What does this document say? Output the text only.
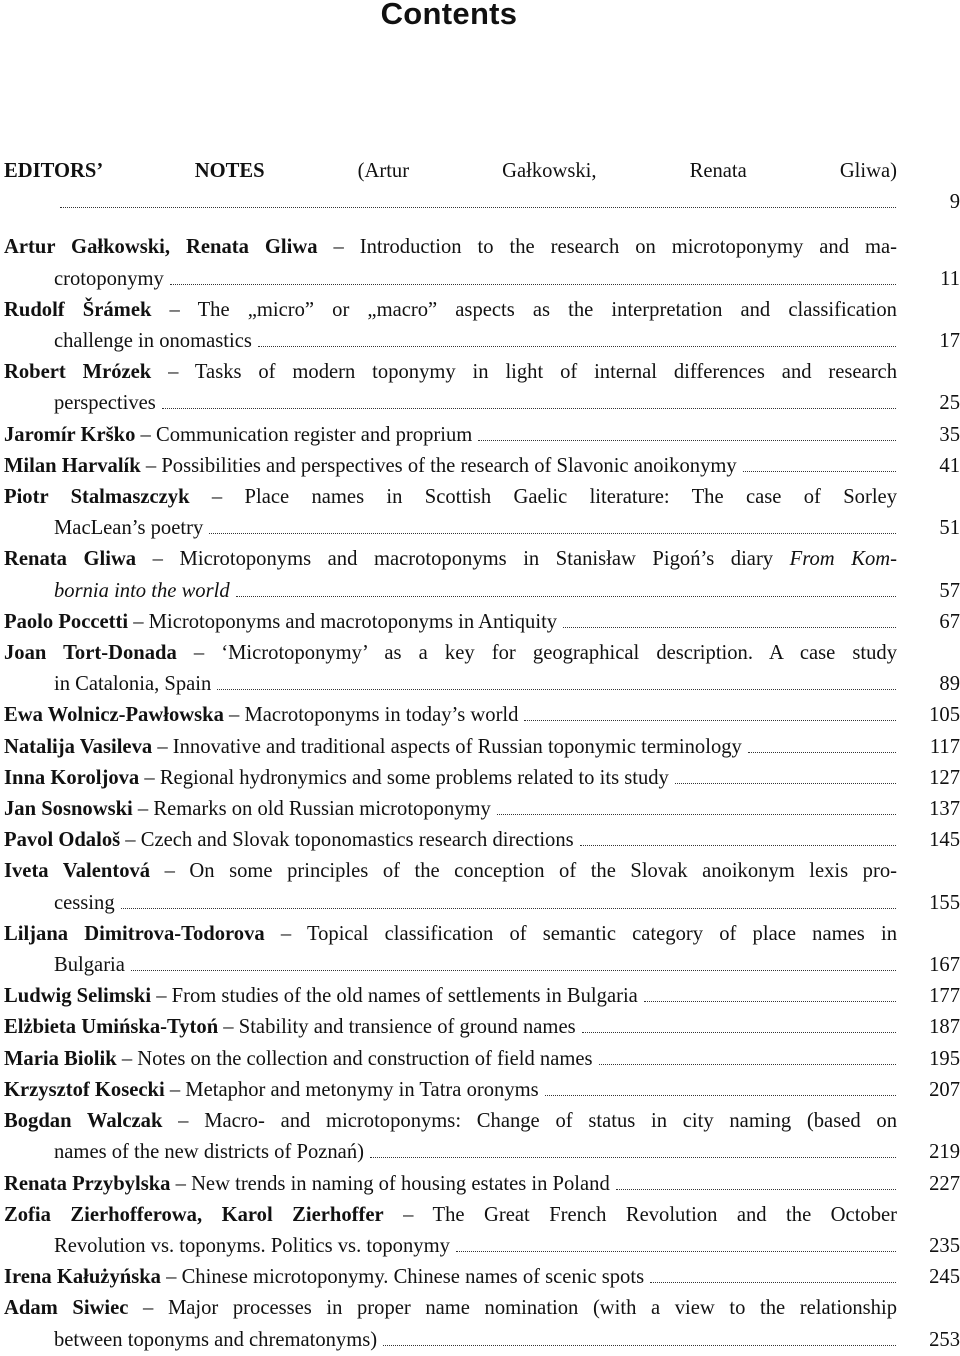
Contents
EDITORS’ NOTES	(Artur Gałkowski, Renata Gliwa)
9
Artur Gałkowski, Renata Gliwa – Introduction to the research on microtoponymy and ma-
crotoponymy	11
Rudolf Šrámek – The „micro” or „macro” aspects as the interpretation and classification
challenge in onomastics	17
Robert Mrózek – Tasks of modern toponymy in light of internal differences and research
perspectives	25
Jaromír Krško – Communication register and proprium	35
Milan Harvalík – Possibilities and perspectives of the research of Slavonic anoikonymy	41
Piotr Stalmaszczyk – Place names in Scottish Gaelic literature: The case of Sorley
MacLean’s poetry	51
Renata Gliwa – Microtoponyms and macrotoponyms in Stanisław Pigoń’s diary From Kom-
bornia into the world	57
Paolo Poccetti – Microtoponyms and macrotoponyms in Antiquity	67
Joan Tort-Donada – ‘Microtoponymy’ as a key for geographical description. A case study
in Catalonia, Spain	89
Ewa Wolnicz-Pawłowska – Macrotoponyms in today’s world	105
Natalija Vasileva – Innovative and traditional aspects of Russian toponymic terminology	117
Inna Koroljova – Regional hydronymics and some problems related to its study	127
Jan Sosnowski – Remarks on old Russian microtoponymy	137
Pavol Odaloš – Czech and Slovak toponomastics research directions	145
Iveta Valentová – On some principles of the conception of the Slovak anoikonym lexis pro-
cessing	155
Liljana Dimitrova-Todorova – Topical classification of semantic category of place names in
Bulgaria	167
Ludwig Selimski – From studies of the old names of settlements in Bulgaria	177
Elżbieta Umińska-Tytoń – Stability and transience of ground names	187
Maria Biolik – Notes on the collection and construction of field names	195
Krzysztof Kosecki – Metaphor and metonymy in Tatra oronyms	207
Bogdan Walczak – Macro- and microtoponyms: Change of status in city naming (based on
names of the new districts of Poznań)	219
Renata Przybylska – New trends in naming of housing estates in Poland	227
Zofia Zierhofferowa, Karol Zierhoffer – The Great French Revolution and the October
Revolution vs. toponyms. Politics vs. toponymy	235
Irena Kałużyńska – Chinese microtoponymy. Chinese names of scenic spots	245
Adam Siwiec – Major processes in proper name nomination (with a view to the relationship
between toponyms and chrematonyms)	253
